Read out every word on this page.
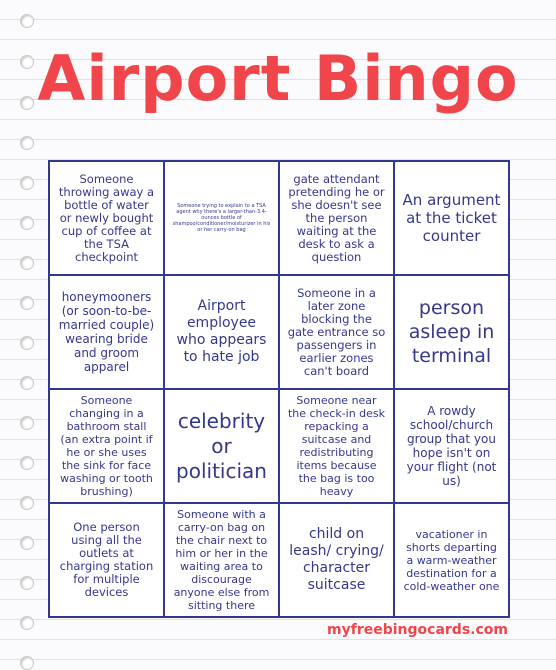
Airport Bingo
Someone throwing away a bottle of water or newly bought cup of coffee at the TSA checkpoint
Someone trying to explain to a TSA agent why there's a larger-than-3.4-ounces bottle of shampoo/conditioner/moisturizer in his or her carry-on bag
gate attendant pretending he or she doesn't see the person waiting at the desk to ask a question
An argument at the ticket counter
honeymooners (or soon-to-be-married couple) wearing bride and groom apparel
Airport employee who appears to hate job
Someone in a later zone blocking the gate entrance so passengers in earlier zones can't board
person asleep in terminal
Someone changing in a bathroom stall (an extra point if he or she uses the sink for face washing or tooth brushing)
celebrity or politician
Someone near the check-in desk repacking a suitcase and redistributing items because the bag is too heavy
A rowdy school/church group that you hope isn't on your flight (not us)
One person using all the outlets at charging station for multiple devices
Someone with a carry-on bag on the chair next to him or her in the waiting area to discourage anyone else from sitting there
child on leash/ crying/ character suitcase
vacationer in shorts departing a warm-weather destination for a cold-weather one
myfreebingocards.com
